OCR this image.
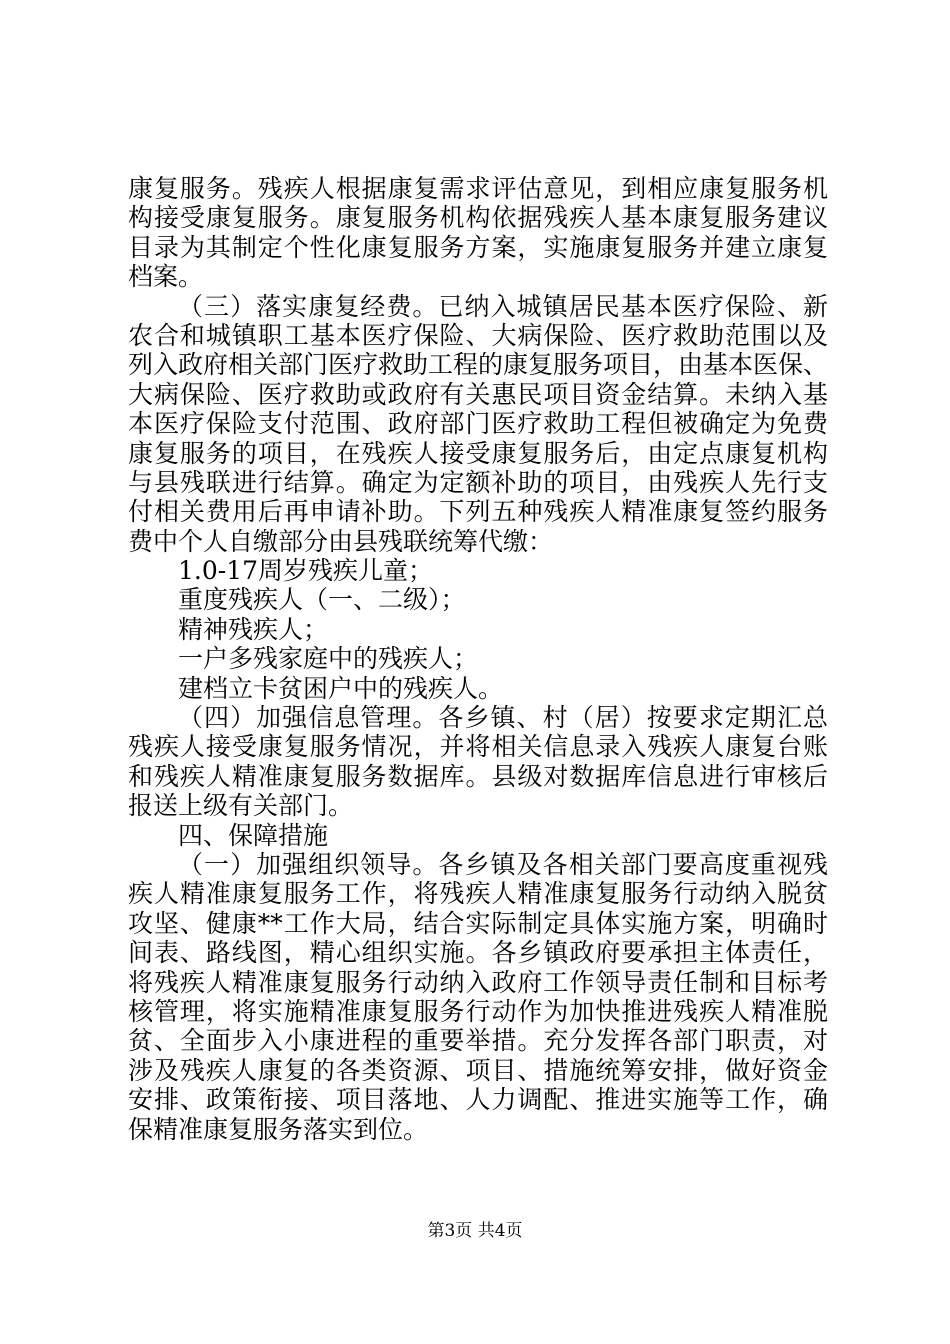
康复服务。残疾人根据康复需求评估意见，到相应康复服务机
构接受康复服务。康复服务机构依据残疾人基本康复服务建议
目录为其制定个性化康复服务方案，实施康复服务并建立康复
档案。
（三）落实康复经费。已纳入城镇居民基本医疗保险、新
农合和城镇职工基本医疗保险、大病保险、医疗救助范围以及
列入政府相关部门医疗救助工程的康复服务项目，由基本医保、
大病保险、医疗救助或政府有关惠民项目资金结算。未纳入基
本医疗保险支付范围、政府部门医疗救助工程但被确定为免费
康复服务的项目，在残疾人接受康复服务后，由定点康复机构
与县残联进行结算。确定为定额补助的项目，由残疾人先行支
付相关费用后再申请补助。下列五种残疾人精准康复签约服务
费中个人自缴部分由县残联统筹代缴：
1.0-17周岁残疾儿童；
重度残疾人（一、二级）；
精神残疾人；
一户多残家庭中的残疾人；
建档立卡贫困户中的残疾人。
（四）加强信息管理。各乡镇、村（居）按要求定期汇总
残疾人接受康复服务情况，并将相关信息录入残疾人康复台账
和残疾人精准康复服务数据库。县级对数据库信息进行审核后
报送上级有关部门。
四、保障措施
（一）加强组织领导。各乡镇及各相关部门要高度重视残
疾人精准康复服务工作，将残疾人精准康复服务行动纳入脱贫
攻坚、健康**工作大局，结合实际制定具体实施方案，明确时
间表、路线图，精心组织实施。各乡镇政府要承担主体责任，
将残疾人精准康复服务行动纳入政府工作领导责任制和目标考
核管理，将实施精准康复服务行动作为加快推进残疾人精准脱
贫、全面步入小康进程的重要举措。充分发挥各部门职责，对
涉及残疾人康复的各类资源、项目、措施统筹安排，做好资金
安排、政策衔接、项目落地、人力调配、推进实施等工作，确
保精准康复服务落实到位。
第3页 共4页
